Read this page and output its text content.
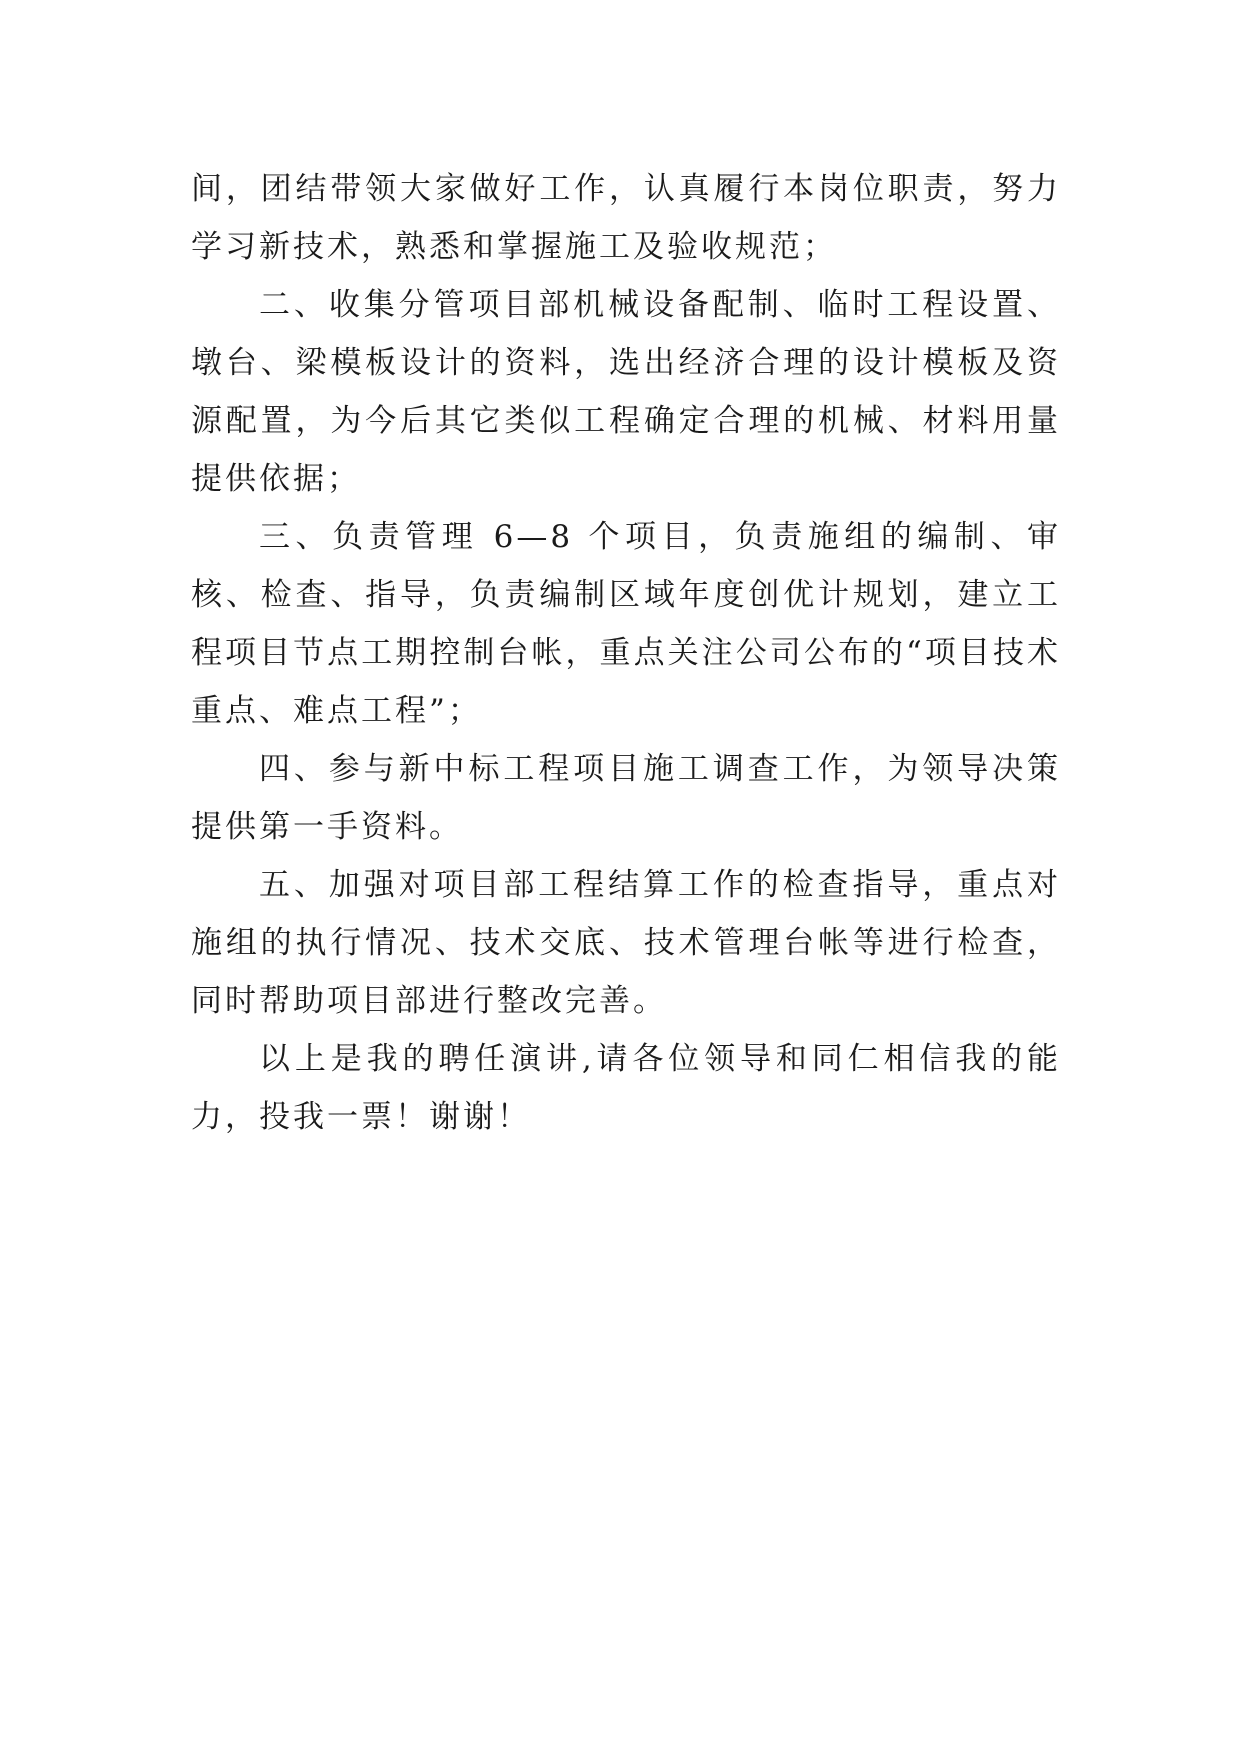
间，团结带领大家做好工作，认真履行本岗位职责，努力学习新技术，熟悉和掌握施工及验收规范；

二、收集分管项目部机械设备配制、临时工程设置、墩台、梁模板设计的资料，选出经济合理的设计模板及资源配置，为今后其它类似工程确定合理的机械、材料用量提供依据；

三、负责管理 6—8 个项目，负责施组的编制、审核、检查、指导，负责编制区域年度创优计规划，建立工程项目节点工期控制台帐，重点关注公司公布的“项目技术重点、难点工程”；

四、参与新中标工程项目施工调查工作，为领导决策提供第一手资料。

五、加强对项目部工程结算工作的检查指导，重点对施组的执行情况、技术交底、技术管理台帐等进行检查，同时帮助项目部进行整改完善。

以上是我的聘任演讲,请各位领导和同仁相信我的能力，投我一票！谢谢！
